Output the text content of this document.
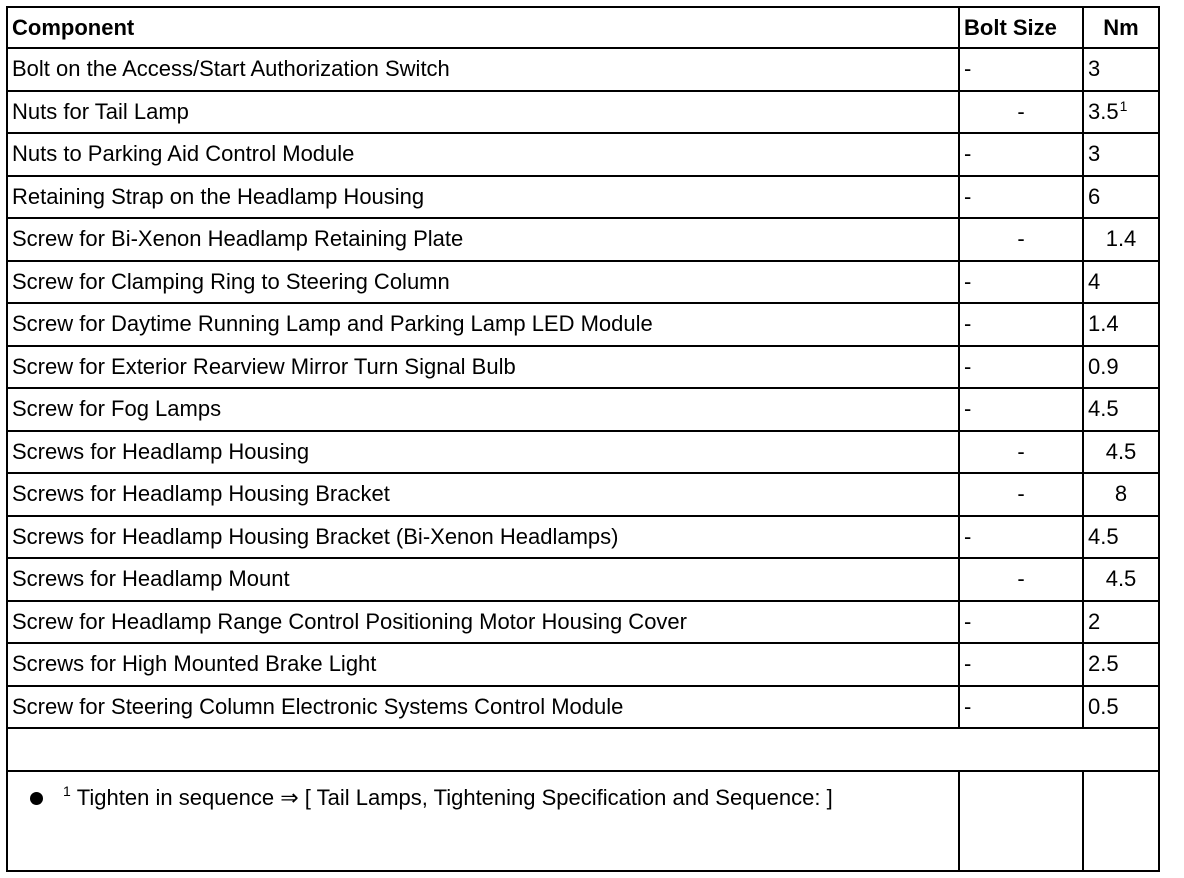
Component	Bolt Size	Nm
Bolt on the Access/Start Authorization Switch	-	3
Nuts for Tail Lamp	-	3.5$^1$
Nuts to Parking Aid Control Module	-	3
Retaining Strap on the Headlamp Housing	-	6
Screw for Bi-Xenon Headlamp Retaining Plate	-	1.4
Screw for Clamping Ring to Steering Column	-	4
Screw for Daytime Running Lamp and Parking Lamp LED Module	-	1.4
Screw for Exterior Rearview Mirror Turn Signal Bulb	-	0.9
Screw for Fog Lamps	-	4.5
Screws for Headlamp Housing	-	4.5
Screws for Headlamp Housing Bracket	-	8
Screws for Headlamp Housing Bracket (Bi-Xenon Headlamps)	-	4.5
Screws for Headlamp Mount	-	4.5
Screw for Headlamp Range Control Positioning Motor Housing Cover	-	2
Screws for High Mounted Brake Light	-	2.5
Screw for Steering Column Electronic Systems Control Module	-	0.5

1 Tighten in sequence ⇒ [ Tail Lamps, Tightening Specification and Sequence: ]		
